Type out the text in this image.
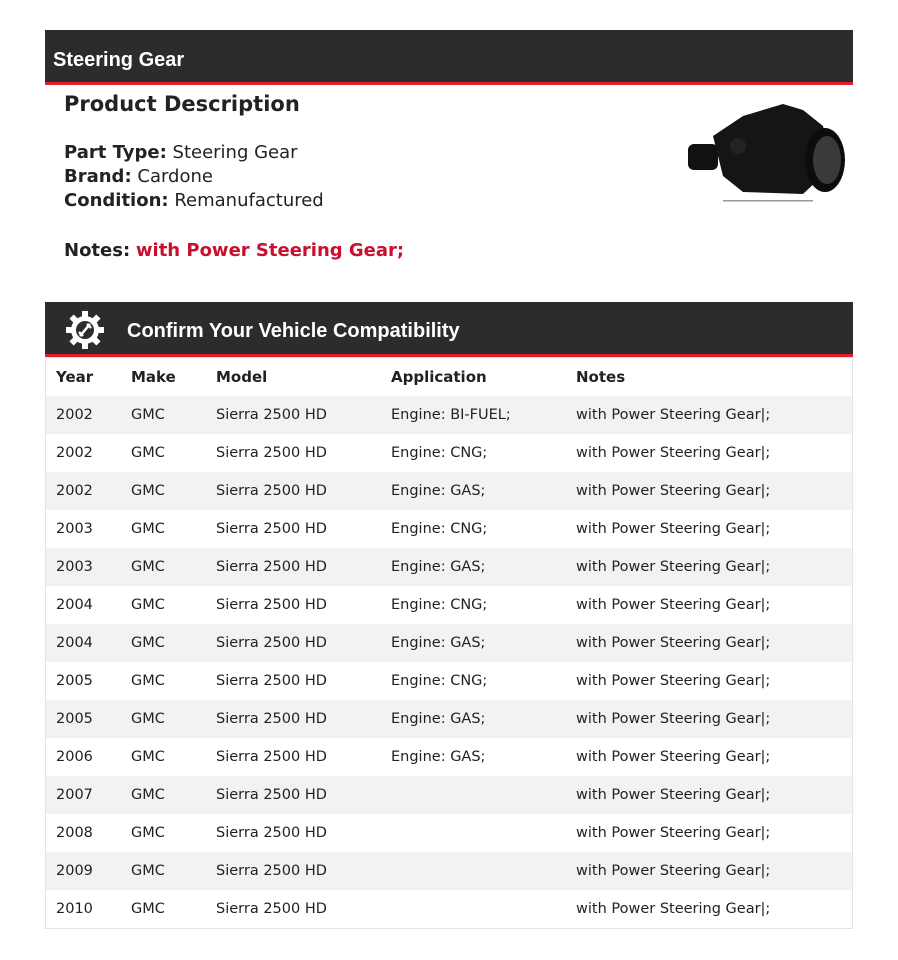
Steering Gear
Product Description
Part Type: Steering Gear
Brand: Cardone
Condition: Remanufactured
Notes: with Power Steering Gear;
Confirm Your Vehicle Compatibility
Year	Make	Model	Application	Notes
2002	GMC	Sierra 2500 HD	Engine: BI-FUEL;	with Power Steering Gear|;
2002	GMC	Sierra 2500 HD	Engine: CNG;	with Power Steering Gear|;
2002	GMC	Sierra 2500 HD	Engine: GAS;	with Power Steering Gear|;
2003	GMC	Sierra 2500 HD	Engine: CNG;	with Power Steering Gear|;
2003	GMC	Sierra 2500 HD	Engine: GAS;	with Power Steering Gear|;
2004	GMC	Sierra 2500 HD	Engine: CNG;	with Power Steering Gear|;
2004	GMC	Sierra 2500 HD	Engine: GAS;	with Power Steering Gear|;
2005	GMC	Sierra 2500 HD	Engine: CNG;	with Power Steering Gear|;
2005	GMC	Sierra 2500 HD	Engine: GAS;	with Power Steering Gear|;
2006	GMC	Sierra 2500 HD	Engine: GAS;	with Power Steering Gear|;
2007	GMC	Sierra 2500 HD		with Power Steering Gear|;
2008	GMC	Sierra 2500 HD		with Power Steering Gear|;
2009	GMC	Sierra 2500 HD		with Power Steering Gear|;
2010	GMC	Sierra 2500 HD		with Power Steering Gear|;
